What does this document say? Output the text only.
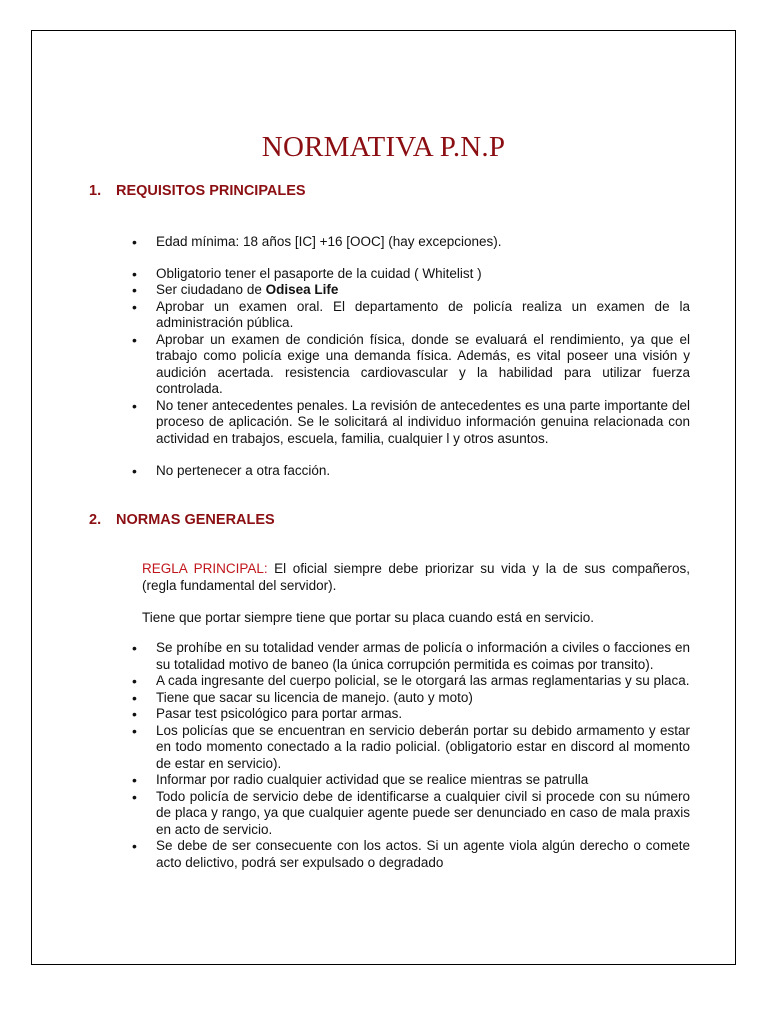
NORMATIVA P.N.P
1. REQUISITOS PRINCIPALES
• Edad mínima: 18 años [IC] +16 [OOC] (hay excepciones).
• Obligatorio tener el pasaporte de la cuidad ( Whitelist )
• Ser ciudadano de Odisea Life
• Aprobar un examen oral. El departamento de policía realiza un examen de la administración pública.
• Aprobar un examen de condición física, donde se evaluará el rendimiento, ya que el trabajo como policía exige una demanda física. Además, es vital poseer una visión y audición acertada. resistencia cardiovascular y la habilidad para utilizar fuerza controlada.
• No tener antecedentes penales. La revisión de antecedentes es una parte importante del proceso de aplicación. Se le solicitará al individuo información genuina relacionada con actividad en trabajos, escuela, familia, cualquier l y otros asuntos.
• No pertenecer a otra facción.
2. NORMAS GENERALES

REGLA PRINCIPAL: El oficial siempre debe priorizar su vida y la de sus compañeros, (regla fundamental del servidor).

Tiene que portar siempre tiene que portar su placa cuando está en servicio.

• Se prohíbe en su totalidad vender armas de policía o información a civiles o facciones en su totalidad motivo de baneo (la única corrupción permitida es coimas por transito).
• A cada ingresante del cuerpo policial, se le otorgará las armas reglamentarias y su placa.
• Tiene que sacar su licencia de manejo. (auto y moto)
• Pasar test psicológico para portar armas.
• Los policías que se encuentran en servicio deberán portar su debido armamento y estar en todo momento conectado a la radio policial. (obligatorio estar en discord al momento de estar en servicio).
• Informar por radio cualquier actividad que se realice mientras se patrulla
• Todo policía de servicio debe de identificarse a cualquier civil si procede con su número de placa y rango, ya que cualquier agente puede ser denunciado en caso de mala praxis en acto de servicio.
• Se debe de ser consecuente con los actos. Si un agente viola algún derecho o comete acto delictivo, podrá ser expulsado o degradado
